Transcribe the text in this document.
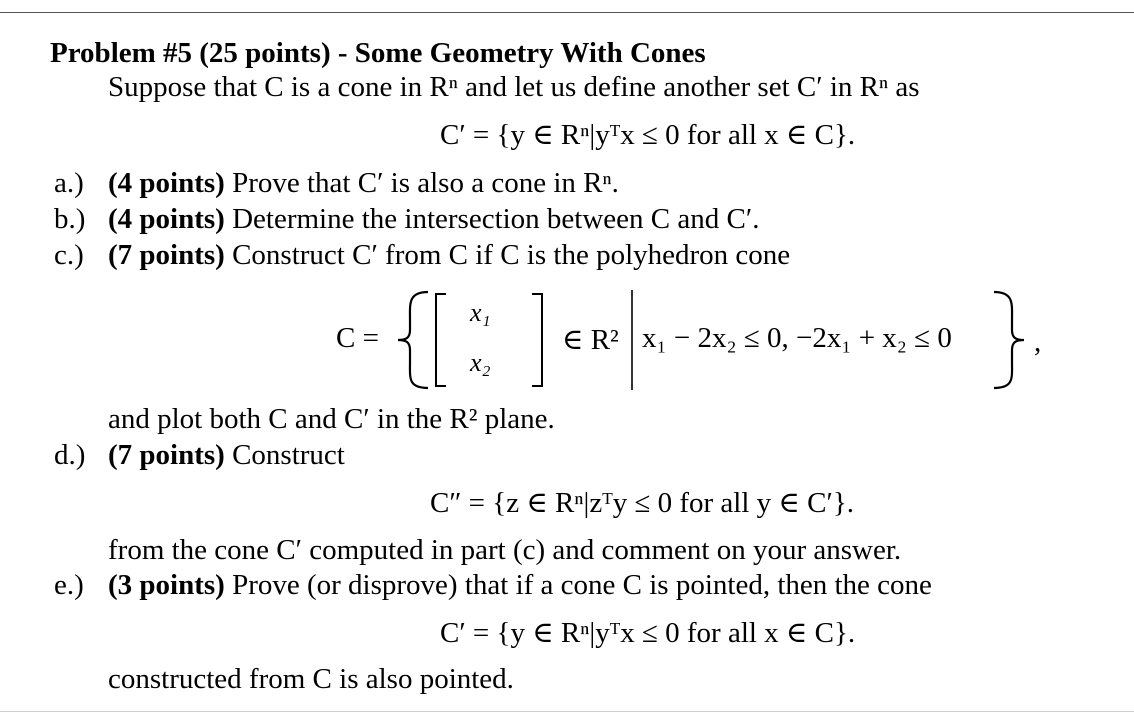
Problem #5 (25 points) - Some Geometry With Cones
Suppose that C is a cone in Rⁿ and let us define another set C′ in Rⁿ as
C′ = {y ∈ Rⁿ|yᵀx ≤ 0 for all x ∈ C}.
a.) (4 points) Prove that C′ is also a cone in Rⁿ.
b.) (4 points) Determine the intersection between C and C′.
c.) (7 points) Construct C′ from C if C is the polyhedron cone
C =
x₁
x₂
∈ R² x₁ − 2x₂ ≤ 0, −2x₁ + x₂ ≤ 0	,
and plot both C and C′ in the R² plane.
d.) (7 points) Construct
C″ = {z ∈ Rⁿ|zᵀy ≤ 0 for all y ∈ C′}.
from the cone C′ computed in part (c) and comment on your answer.
e.) (3 points) Prove (or disprove) that if a cone C is pointed, then the cone
C′ = {y ∈ Rⁿ|yᵀx ≤ 0 for all x ∈ C}.
constructed from C is also pointed.
